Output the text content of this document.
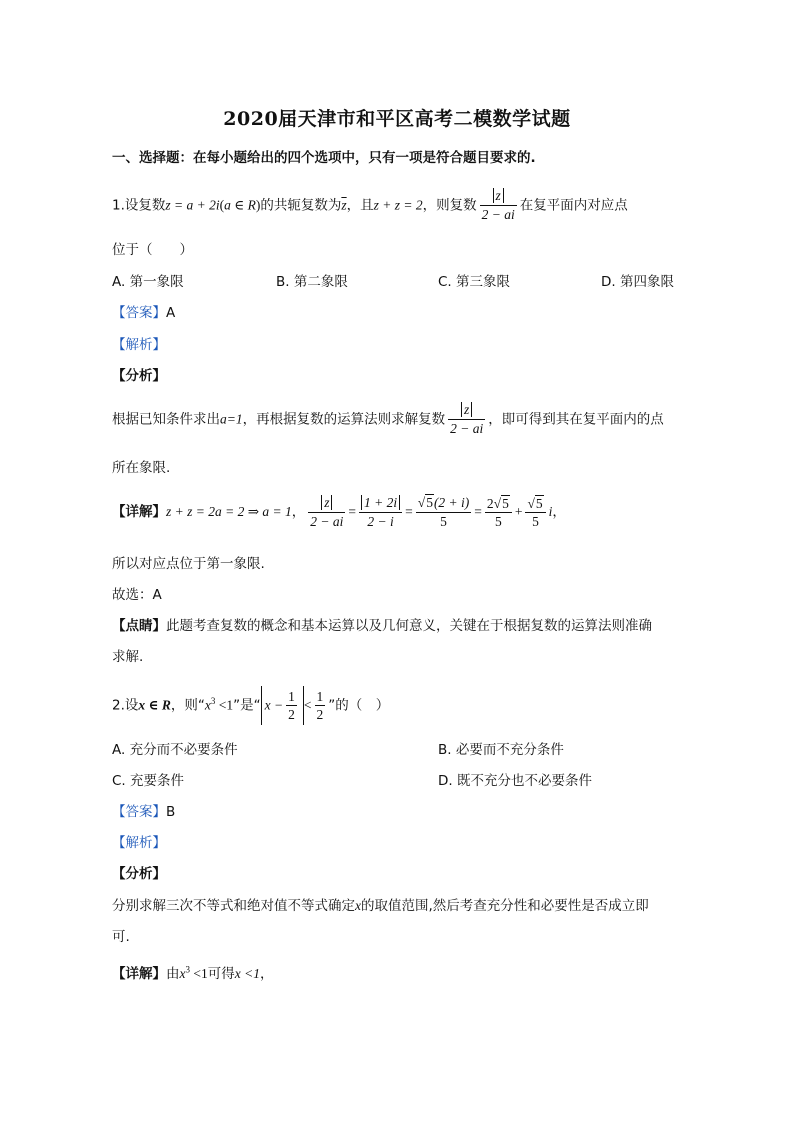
2020届天津市和平区高考二模数学试题
一、选择题：在每小题给出的四个选项中，只有一项是符合题目要求的.
1.设复数z = a + 2i(a ∈ R)的共轭复数为$\overline{z}$，且z + z = 2，则复数 $\frac{z}{2 - ai}$ 在复平面内对应点
位于（　　）
A. 第一象限	B. 第二象限	C. 第三象限	D. 第四象限
【答案】A
【解析】
【分析】
根据已知条件求出a=1，再根据复数的运算法则求解复数 $\frac{z}{2 - ai}$ ，即可得到其在复平面内的点
所在象限.
【详解】z + z = 2a = 2 ⇒ a = 1， $\frac{z}{2 - ai} = \frac{1 + 2i}{2 - i} = \frac{√5(2 + i)}{5} = \frac{2√5}{5} + \frac{√5}{5}$ i，
所以对应点位于第一象限.
故选：A
【点睛】此题考查复数的概念和基本运算以及几何意义，关键在于根据复数的运算法则准确
求解.
2.设x ∈ R，则“$x^3 <1$”是“ $x - \frac{1}{2} < \frac{1}{2}$ ”的（　）
A. 充分而不必要条件	B. 必要而不充分条件
C. 充要条件	D. 既不充分也不必要条件
【答案】B
【解析】
【分析】
分别求解三次不等式和绝对值不等式确定x的取值范围,然后考查充分性和必要性是否成立即
可.
【详解】由$x^3 <1$可得x <1，
